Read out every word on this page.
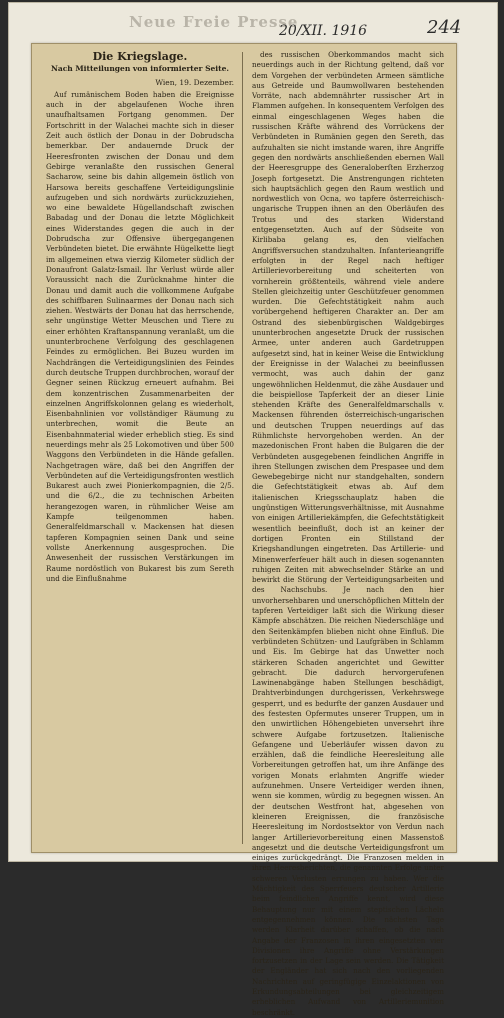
Neue Freie Presse
20/XII. 1916	244
Die Kriegslage.
Nach Mitteilungen von informierter Seite.
Wien, 19. Dezember.

Auf rumänischem Boden haben die Ereignisse auch in der abgelaufenen Woche ihren unaufhaltsamen Fortgang genommen. Der Fortschritt in der Walachei machte sich in dieser Zeit auch östlich der Donau in der Dobrudscha bemerkbar. Der andauernde Druck der Heeresfronten zwischen der Donau und dem Gebirge veranlaßte den russischen General Sacharow, seine bis dahin allgemein östlich von Harsowa bereits geschaffene Verteidigungslinie aufzugeben und sich nordwärts zurückzuziehen, wo eine bewaldete Hügellandschaft zwischen Babadag und der Donau die letzte Möglichkeit eines Widerstandes gegen die auch in der Dobrudscha zur Offensive übergegangenen Verbündeten bietet. Die erwähnte Hügelkette liegt im allgemeinen etwa vierzig Kilometer südlich der Donaufront Galatz-Ismail. Ihr Verlust würde aller Voraussicht nach die Zurücknahme hinter die Donau und damit auch die vollkommene Aufgabe des schiffbaren Sulinaarmes der Donau nach sich ziehen. Westwärts der Donau hat das herrschende, sehr ungünstige Wetter Meuschen und Tiere zu einer erhöhten Kraftanspannung veranlaßt, um die ununterbrochene Verfolgung des geschlagenen Feindes zu ermöglichen. Bei Buzeu wurden im Nachdrängen die Verteidigungslinien des Feindes durch deutsche Truppen durchbrochen, worauf der Gegner seinen Rückzug erneuert aufnahm. Bei dem konzentrischen Zusammenarbeiten der einzelnen Angriffskolonnen gelang es wiederholt, Eisenbahnlinien vor vollständiger Räumung zu unterbrechen, womit die Beute an Eisenbahnmaterial wieder erheblich stieg. Es sind neuerdings mehr als 25 Lokomotiven und über 500 Waggons den Verbündeten in die Hände gefallen. Nachgetragen wäre, daß bei den Angriffen der Verbündeten auf die Verteidigungsfronten westlich Bukarest auch zwei Pionierkompagnien, die 2/5. und die 6/2., die zu technischen Arbeiten herangezogen waren, in rühmlicher Weise am Kampfe teilgenommen haben. Generalfeldmarschall v. Mackensen hat diesen tapferen Kompagnien seinen Dank und seine vollste Anerkennung ausgesprochen. Die Anwesenheit der russischen Verstärkungen im Raume nordöstlich von Bukarest bis zum Sereth und die Einflußnahme

des russischen Oberkommandos macht sich neuerdings auch in der Richtung geltend, daß vor dem Vorgehen der verbündeten Armeen sämtliche aus Getreide und Baumwollwaren bestehenden Vorräte, nach abdemnährter russischer Art in Flammen aufgehen. In konsequentem Verfolgen des einmal eingeschlagenen Weges haben die russischen Kräfte während des Vorrückens der Verbündeten in Rumänien gegen den Sereth, das aufzuhalten sie nicht imstande waren, ihre Angriffe gegen den nordwärts anschließenden ebernen Wall der Heeresgruppe des Generaloberſten Erzherzog Joseph fortgesetzt. Die Anstrengungen richteten sich hauptsächlich gegen den Raum westlich und nordwestlich von Ocna, wo tapfere österreichisch-ungarische Truppen ihnen an den Oberläufen des Trotus und des starken Widerstand entgegensetzten. Auch auf der Südseite von Kirlibaba gelang es, den vielfachen Angriffsversuchen standzuhalten. Infanterieangriffe erfolgten in der Regel nach heftiger Artillerievorbereitung und scheiterten von vornherein größtenteils, während viele andere Stellen gleichzeitig unter Geschützfeuer genommen wurden. Die Gefechtstätigkeit nahm auch vorübergehend heftigeren Charakter an. Der am Ostrand des siebenbürgischen Waldgebirges ununterbrochen angesetzte Druck der russischen Armee, unter anderen auch Gardetruppen aufgesetzt sind, hat in keiner Weise die Entwicklung der Ereignisse in der Walachei zu beeinflussen vermocht, was auch dahin der ganz ungewöhnlichen Heldenmut, die zähe Ausdauer und die beispiellose Tapferkeit der an dieser Linie stehenden Kräfte des Generalfeldmarschalls v. Mackensen führenden österreichisch-ungarischen und deutschen Truppen neuerdings auf das Rühmlichste hervorgehoben werden. An der mazedonischen Front haben die Bulgaren die der Verbündeten ausgegebenen feindlichen Angriffe in ihren Stellungen zwischen dem Prespasee und dem Gewebegebirge nicht nur standgehalten, sondern die Gefechtstätigkeit etwas ab. Auf dem italienischen Kriegsschauplatz haben die ungünstigen Witterungsverhältnisse, mit Ausnahme von einigen Artilleriekämpfen, die Gefechtstätigkeit wesentlich beeinflußt, doch ist an keiner der dortigen Fronten ein Stillstand der Kriegshandlungen eingetreten. Das Artillerie- und Minenwerferfeuer hält auch in diesen sogenannten ruhigen Zeiten mit abwechselnder Stärke an und bewirkt die Störung der Verteidigungsarbeiten und des Nachschubs. Je nach den hier unvorhersehbaren und unerschöpflichen Mitteln der tapferen Verteidiger laßt sich die Wirkung dieser Kämpfe abschätzen. Die reichen Niederschläge und den Seitenkämpfen blieben nicht ohne Einfluß. Die verbündeten Schützen- und Laufgräben in Schlamm und Eis. Im Gebirge hat das Unwetter noch stärkeren Schaden angerichtet und Gewitter gebracht. Die dadurch hervorgerufenen Lawinenabgänge haben Stellungen beschädigt, Drahtverbindungen durchgerissen, Verkehrswege gesperrt, und es bedurfte der ganzen Ausdauer und des festesten Opfermutes unserer Truppen, um in den unwirtlichen Höhengebieten unversehrt ihre schwere Aufgabe fortzusetzen. Italienische Gefangene und Ueberläufer wissen davon zu erzählen, daß die feindliche Heeresleitung alle Vorbereitungen getroffen hat, um ihre Anfänge des vorigen Monats erlahmten Angriffe wieder aufzunehmen. Unsere Verteidiger werden ihnen, wenn sie kommen, würdig zu begegnen wissen. An der deutschen Westfront hat, abgesehen von kleineren Ereignissen, die französische Heeresleitung im Nordostsektor von Verdun nach langer Artillerievorbereitung einen Massenstoß angesetzt und die deutsche Verteidigungsfront um einiges zurückgedrängt. Die Franzosen melden in ihren Heeresberichten, die genannten Erfolge unter schweren Verlusten errungen zu haben. Wer die Mächtigkeit des Sperrfeuers deutscher Artillerie beim feindlichen Angriffe kennt, wird diese Behauptung nur mit einem steptischen Lächeln entgegennehmen können. Die nächsten Tage werden Klarheit darüber schaffen, ob die nach Angabe der Franzosen in ihren eingesetzten vier Divisionen ihre Angriffe ohne Verstärkungen fortzusetzen in der Lage sein werden. Die Tätigkeit der Engländer hat sich nach den vorliegenden Nachrichten auf geringfügige Einzelaktionen von Erkundungsabteilungen bei gleichzeitigem erheblichen Aufwand von Artilleriemunition beschränkt.
